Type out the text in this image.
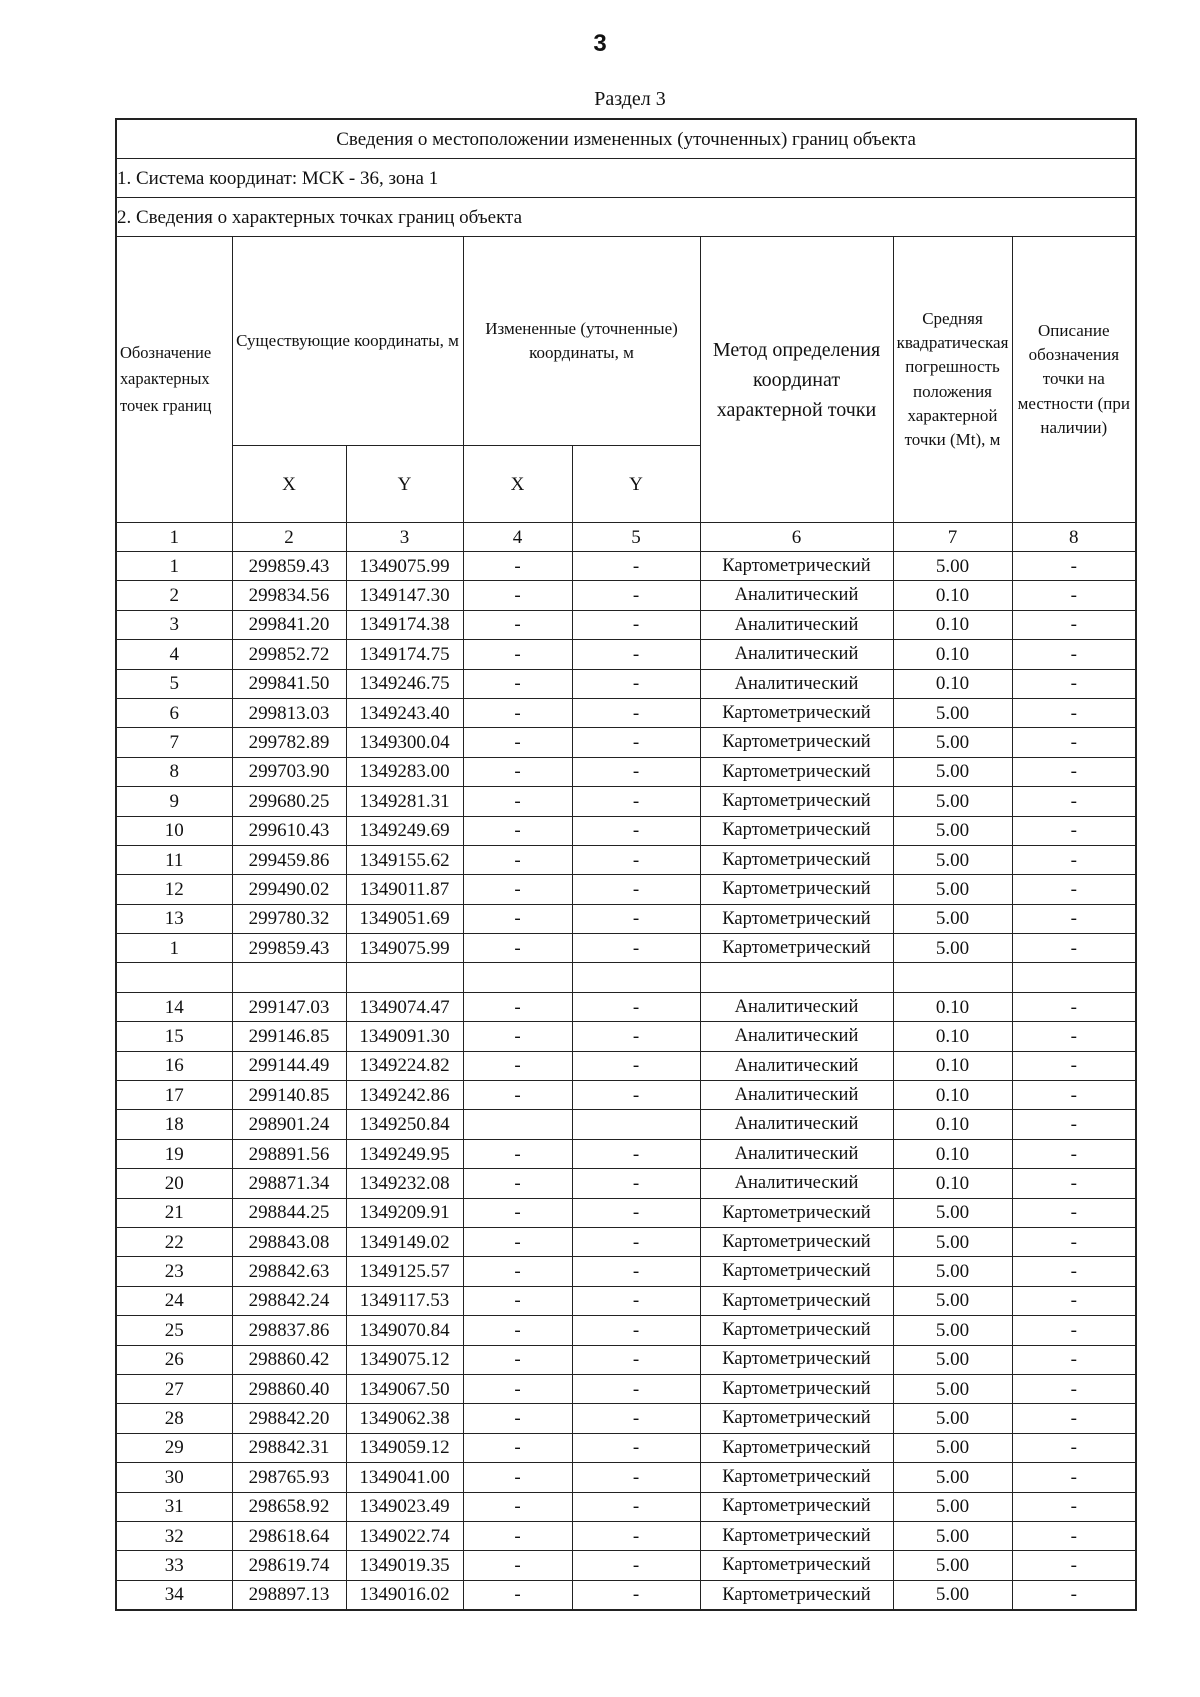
3
Раздел 3
Сведения о местоположении измененных (уточненных) границ объекта							
1. Система координат: МСК - 36, зона 1							
2. Сведения о характерных точках границ объекта							
Обозначение характерных точек границ	Существующие координаты, м		Измененные (уточненные) координаты, м		Метод определения координат характерной точки	Средняя квадратическая погрешность положения характерной точки (Mt), м	Описание обозначения точки на местности (при наличии)
	X	Y	X	Y			
1	2	3	4	5	6	7	8
1	299859.43	1349075.99	-	-	Картометрический	5.00	-
2	299834.56	1349147.30	-	-	Аналитический	0.10	-
3	299841.20	1349174.38	-	-	Аналитический	0.10	-
4	299852.72	1349174.75	-	-	Аналитический	0.10	-
5	299841.50	1349246.75	-	-	Аналитический	0.10	-
6	299813.03	1349243.40	-	-	Картометрический	5.00	-
7	299782.89	1349300.04	-	-	Картометрический	5.00	-
8	299703.90	1349283.00	-	-	Картометрический	5.00	-
9	299680.25	1349281.31	-	-	Картометрический	5.00	-
10	299610.43	1349249.69	-	-	Картометрический	5.00	-
11	299459.86	1349155.62	-	-	Картометрический	5.00	-
12	299490.02	1349011.87	-	-	Картометрический	5.00	-
13	299780.32	1349051.69	-	-	Картометрический	5.00	-
1	299859.43	1349075.99	-	-	Картометрический	5.00	-

14	299147.03	1349074.47	-	-	Аналитический	0.10	-
15	299146.85	1349091.30	-	-	Аналитический	0.10	-
16	299144.49	1349224.82	-	-	Аналитический	0.10	-
17	299140.85	1349242.86	-	-	Аналитический	0.10	-
18	298901.24	1349250.84			Аналитический	0.10	-
19	298891.56	1349249.95	-	-	Аналитический	0.10	-
20	298871.34	1349232.08	-	-	Аналитический	0.10	-
21	298844.25	1349209.91	-	-	Картометрический	5.00	-
22	298843.08	1349149.02	-	-	Картометрический	5.00	-
23	298842.63	1349125.57	-	-	Картометрический	5.00	-
24	298842.24	1349117.53	-	-	Картометрический	5.00	-
25	298837.86	1349070.84	-	-	Картометрический	5.00	-
26	298860.42	1349075.12	-	-	Картометрический	5.00	-
27	298860.40	1349067.50	-	-	Картометрический	5.00	-
28	298842.20	1349062.38	-	-	Картометрический	5.00	-
29	298842.31	1349059.12	-	-	Картометрический	5.00	-
30	298765.93	1349041.00	-	-	Картометрический	5.00	-
31	298658.92	1349023.49	-	-	Картометрический	5.00	-
32	298618.64	1349022.74	-	-	Картометрический	5.00	-
33	298619.74	1349019.35	-	-	Картометрический	5.00	-
34	298897.13	1349016.02	-	-	Картометрический	5.00	-
